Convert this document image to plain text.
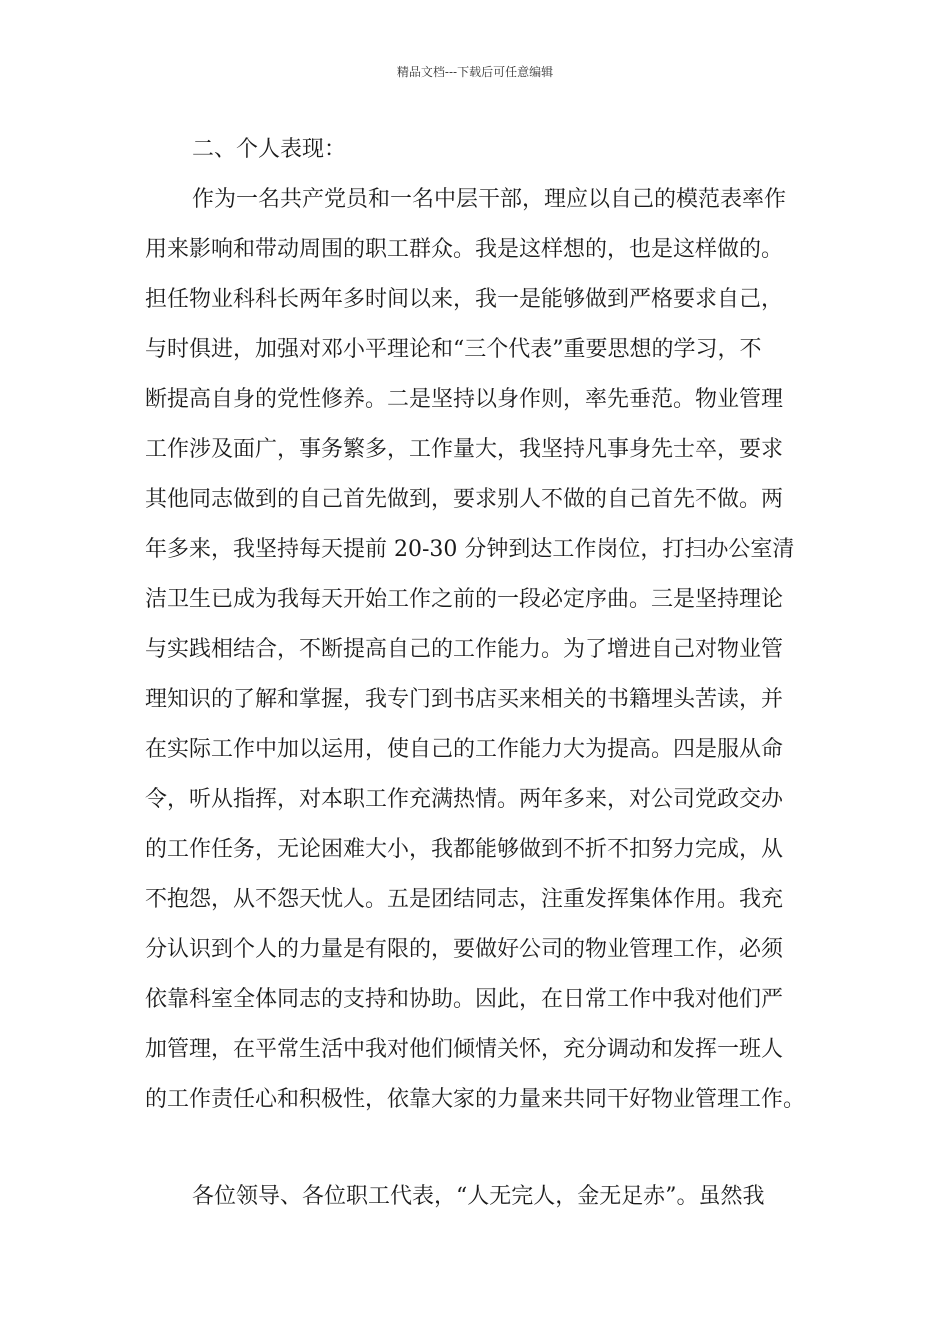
精品文档---下载后可任意编辑
二、个人表现：
作为一名共产党员和一名中层干部，理应以自己的模范表率作
用来影响和带动周围的职工群众。我是这样想的，也是这样做的。
担任物业科科长两年多时间以来，我一是能够做到严格要求自己，
与时俱进，加强对邓小平理论和“三个代表”重要思想的学习，不
断提高自身的党性修养。二是坚持以身作则，率先垂范。物业管理
工作涉及面广，事务繁多，工作量大，我坚持凡事身先士卒，要求
其他同志做到的自己首先做到，要求别人不做的自己首先不做。两
年多来，我坚持每天提前 20-30 分钟到达工作岗位，打扫办公室清
洁卫生已成为我每天开始工作之前的一段必定序曲。三是坚持理论
与实践相结合，不断提高自己的工作能力。为了增进自己对物业管
理知识的了解和掌握，我专门到书店买来相关的书籍埋头苦读，并
在实际工作中加以运用，使自己的工作能力大为提高。四是服从命
令，听从指挥，对本职工作充满热情。两年多来，对公司党政交办
的工作任务，无论困难大小，我都能够做到不折不扣努力完成，从
不抱怨，从不怨天忧人。五是团结同志，注重发挥集体作用。我充
分认识到个人的力量是有限的，要做好公司的物业管理工作，必须
依靠科室全体同志的支持和协助。因此，在日常工作中我对他们严
加管理，在平常生活中我对他们倾情关怀，充分调动和发挥一班人
的工作责任心和积极性，依靠大家的力量来共同干好物业管理工作。
各位领导、各位职工代表，“人无完人，金无足赤”。虽然我
